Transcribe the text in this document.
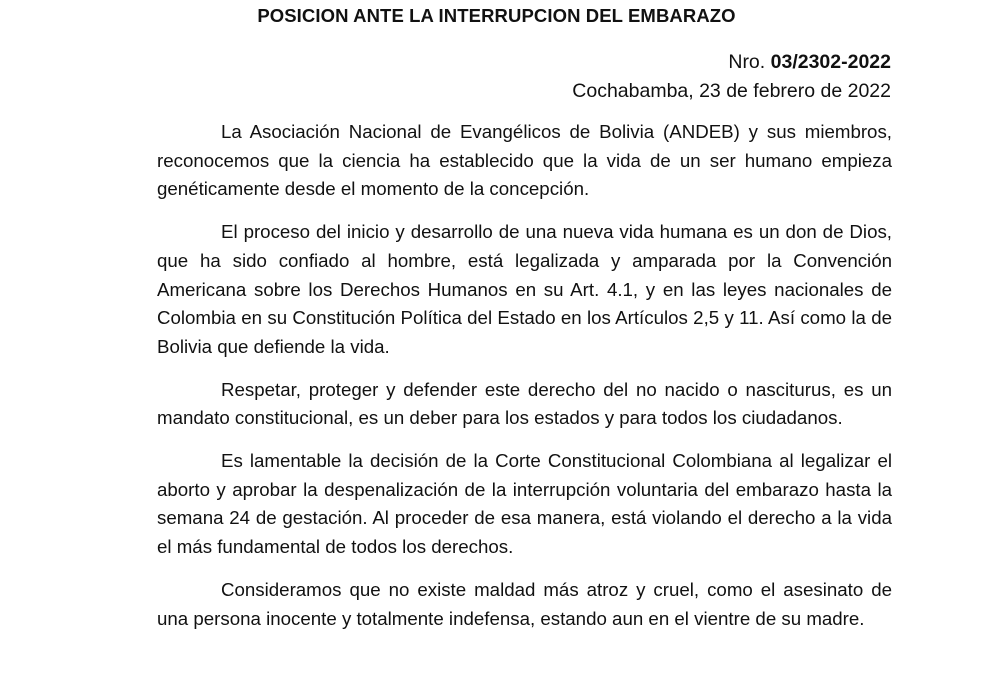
POSICION ANTE LA INTERRUPCION DEL EMBARAZO
Nro. 03/2302-2022
Cochabamba, 23 de febrero de 2022

La Asociación Nacional de Evangélicos de Bolivia (ANDEB) y sus miembros, reconocemos que la ciencia ha establecido que la vida de un ser humano empieza genéticamente desde el momento de la concepción.

El proceso del inicio y desarrollo de una nueva vida humana es un don de Dios, que ha sido confiado al hombre, está legalizada y amparada por la Convención Americana sobre los Derechos Humanos en su Art. 4.1, y en las leyes nacionales de Colombia en su Constitución Política del Estado en los Artículos 2,5 y 11. Así como la de Bolivia que defiende la vida.

Respetar, proteger y defender este derecho del no nacido o nasciturus, es un mandato constitucional, es un deber para los estados y para todos los ciudadanos.

Es lamentable la decisión de la Corte Constitucional Colombiana al legalizar el aborto y aprobar la despenalización de la interrupción voluntaria del embarazo hasta la semana 24 de gestación. Al proceder de esa manera, está violando el derecho a la vida el más fundamental de todos los derechos.

Consideramos que no existe maldad más atroz y cruel, como el asesinato de una persona inocente y totalmente indefensa, estando aun en el vientre de su madre.
